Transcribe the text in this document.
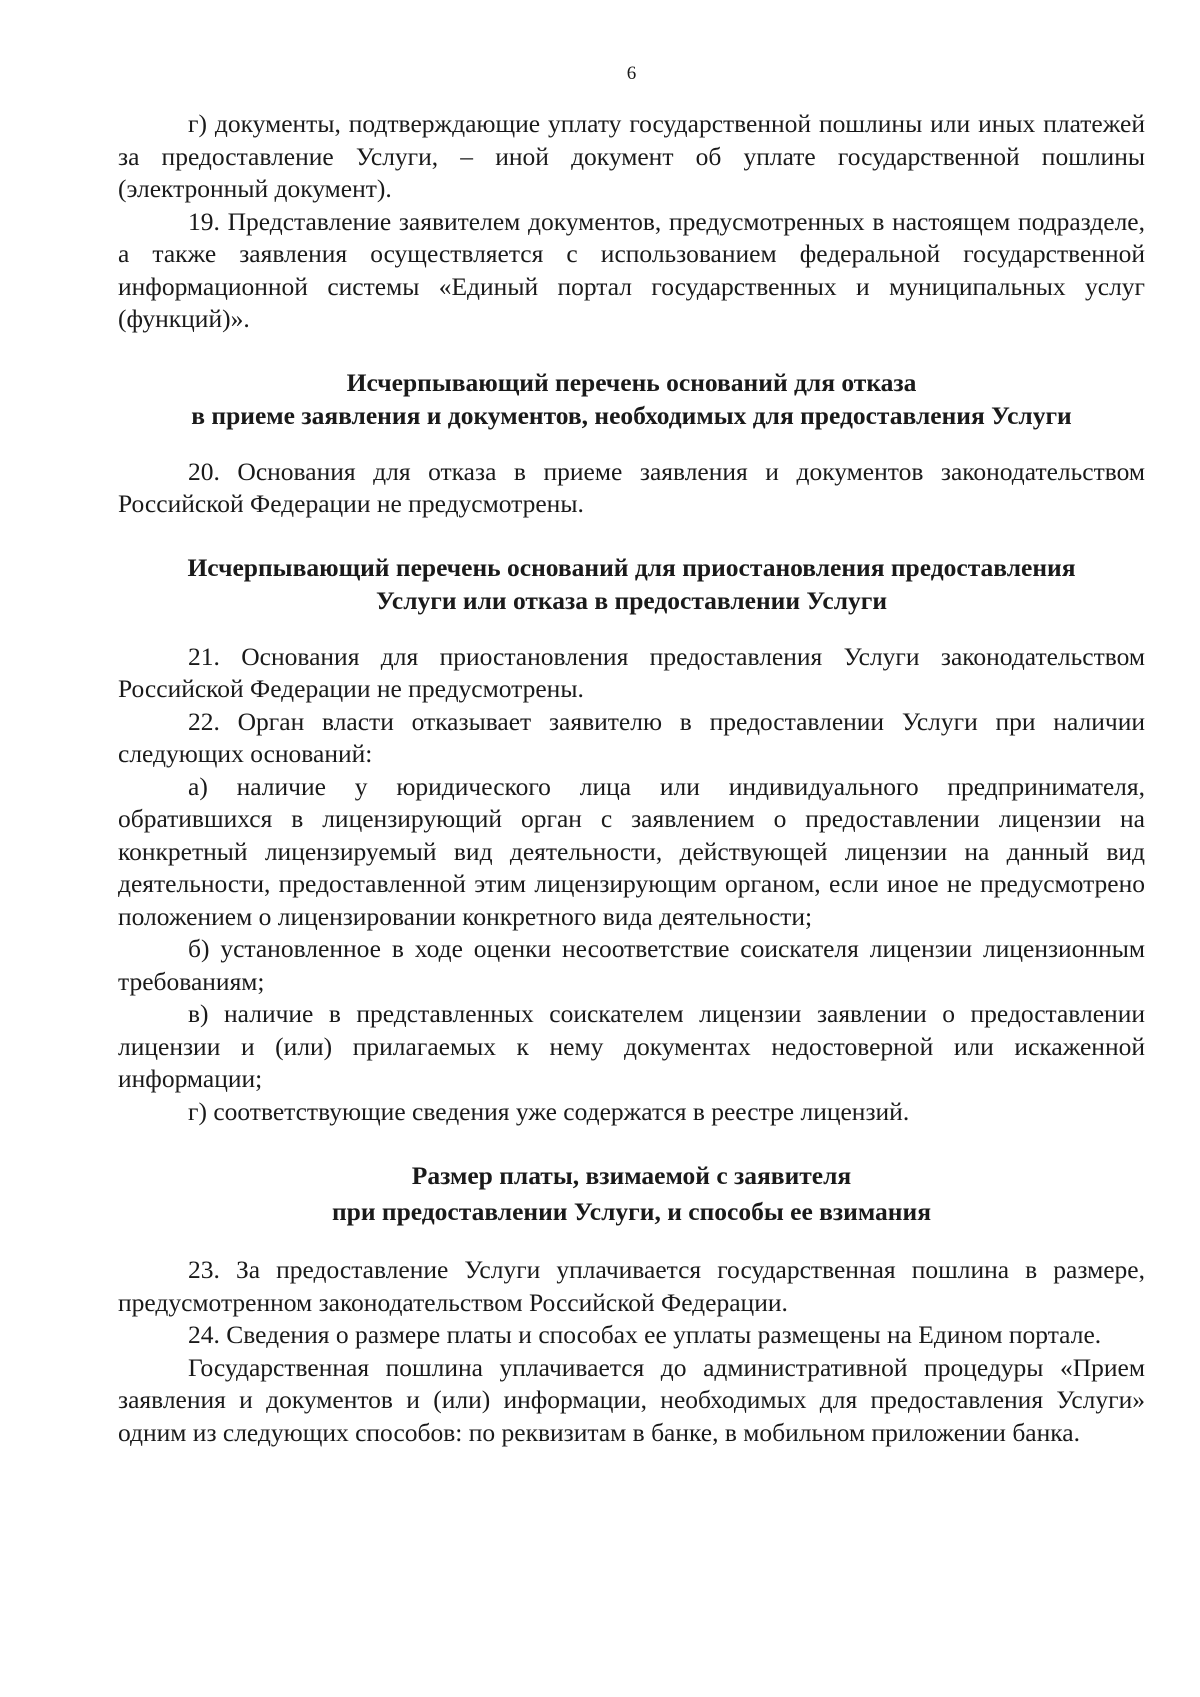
6

г) документы, подтверждающие уплату государственной пошлины или иных платежей за предоставление Услуги, – иной документ об уплате государственной пошлины (электронный документ).

19. Представление заявителем документов, предусмотренных в настоящем подразделе, а также заявления осуществляется с использованием федеральной государственной информационной системы «Единый портал государственных и муниципальных услуг (функций)».

Исчерпывающий перечень оснований для отказа
в приеме заявления и документов, необходимых для предоставления Услуги

20. Основания для отказа в приеме заявления и документов законодательством Российской Федерации не предусмотрены.

Исчерпывающий перечень оснований для приостановления предоставления
Услуги или отказа в предоставлении Услуги

21. Основания для приостановления предоставления Услуги законодательством Российской Федерации не предусмотрены.

22. Орган власти отказывает заявителю в предоставлении Услуги при наличии следующих оснований:

а) наличие у юридического лица или индивидуального предпринимателя, обратившихся в лицензирующий орган с заявлением о предоставлении лицензии на конкретный лицензируемый вид деятельности, действующей лицензии на данный вид деятельности, предоставленной этим лицензирующим органом, если иное не предусмотрено положением о лицензировании конкретного вида деятельности;

б) установленное в ходе оценки несоответствие соискателя лицензии лицензионным требованиям;

в) наличие в представленных соискателем лицензии заявлении о предоставлении лицензии и (или) прилагаемых к нему документах недостоверной или искаженной информации;

г) соответствующие сведения уже содержатся в реестре лицензий.

Размер платы, взимаемой с заявителя
при предоставлении Услуги, и способы ее взимания

23. За предоставление Услуги уплачивается государственная пошлина в размере, предусмотренном законодательством Российской Федерации.

24. Сведения о размере платы и способах ее уплаты размещены на Едином портале.

Государственная пошлина уплачивается до административной процедуры «Прием заявления и документов и (или) информации, необходимых для предоставления Услуги» одним из следующих способов: по реквизитам в банке, в мобильном приложении банка.
